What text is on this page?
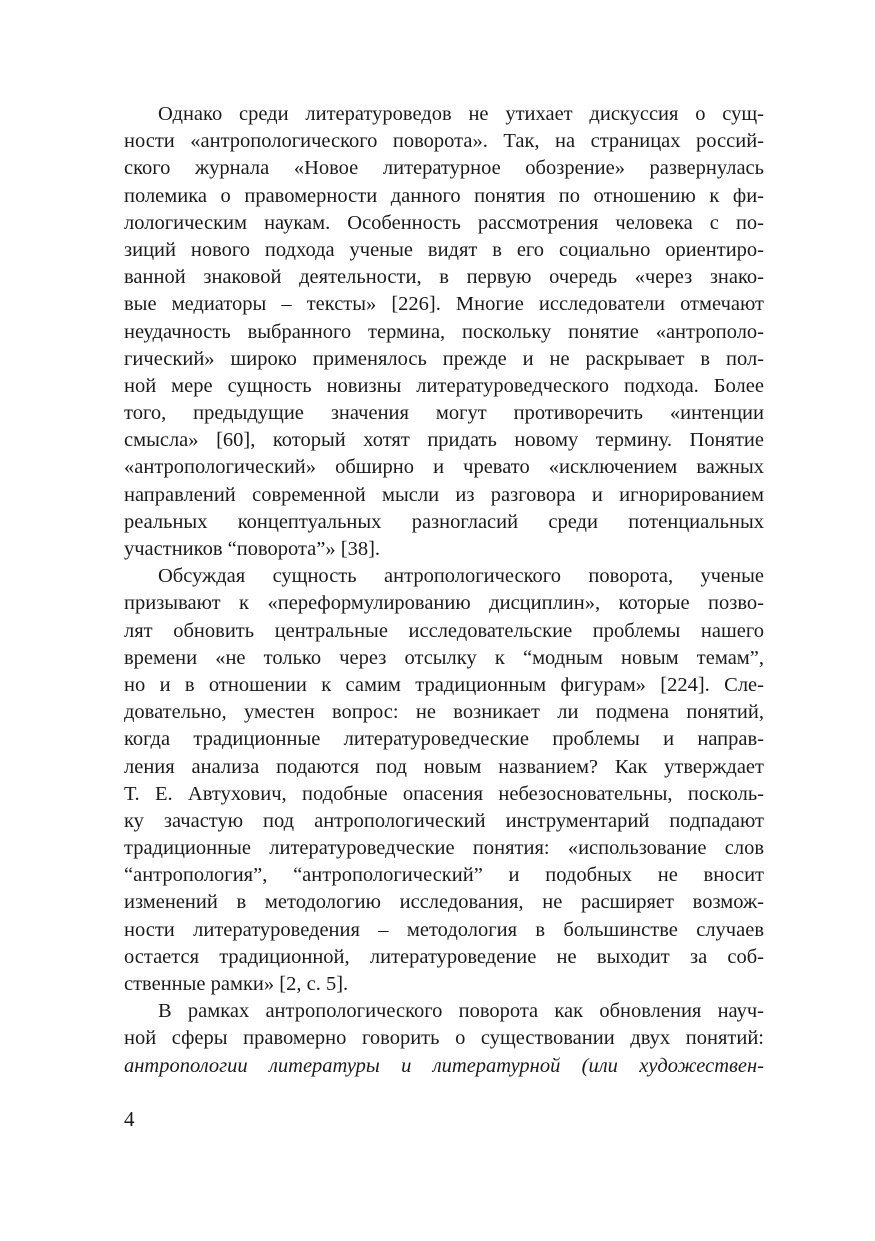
Однако среди литературоведов не утихает дискуссия о сущ-
ности «антропологического поворота». Так, на страницах россий-
ского журнала «Новое литературное обозрение» развернулась
полемика о правомерности данного понятия по отношению к фи-
лологическим наукам. Особенность рассмотрения человека с по-
зиций нового подхода ученые видят в его социально ориентиро-
ванной знаковой деятельности, в первую очередь «через знако-
вые медиаторы – тексты» [226]. Многие исследователи отмечают
неудачность выбранного термина, поскольку понятие «антрополо-
гический» широко применялось прежде и не раскрывает в пол-
ной мере сущность новизны литературоведческого подхода. Более
того, предыдущие значения могут противоречить «интенции
смысла» [60], который хотят придать новому термину. Понятие
«антропологический» обширно и чревато «исключением важных
направлений современной мысли из разговора и игнорированием
реальных концептуальных разногласий среди потенциальных
участников “поворота”» [38].

Обсуждая сущность антропологического поворота, ученые
призывают к «переформулированию дисциплин», которые позво-
лят обновить центральные исследовательские проблемы нашего
времени «не только через отсылку к “модным новым темам”,
но и в отношении к самим традиционным фигурам» [224]. Сле-
довательно, уместен вопрос: не возникает ли подмена понятий,
когда традиционные литературоведческие проблемы и направ-
ления анализа подаются под новым названием? Как утверждает
Т. Е. Автухович, подобные опасения небезосновательны, посколь-
ку зачастую под антропологический инструментарий подпадают
традиционные литературоведческие понятия: «использование слов
“антропология”, “антропологический” и подобных не вносит
изменений в методологию исследования, не расширяет возмож-
ности литературоведения – методология в большинстве случаев
остается традиционной, литературоведение не выходит за соб-
ственные рамки» [2, с. 5].

В рамках антропологического поворота как обновления науч-
ной сферы правомерно говорить о существовании двух понятий:
антропологии литературы и литературной (или художествен-

4
